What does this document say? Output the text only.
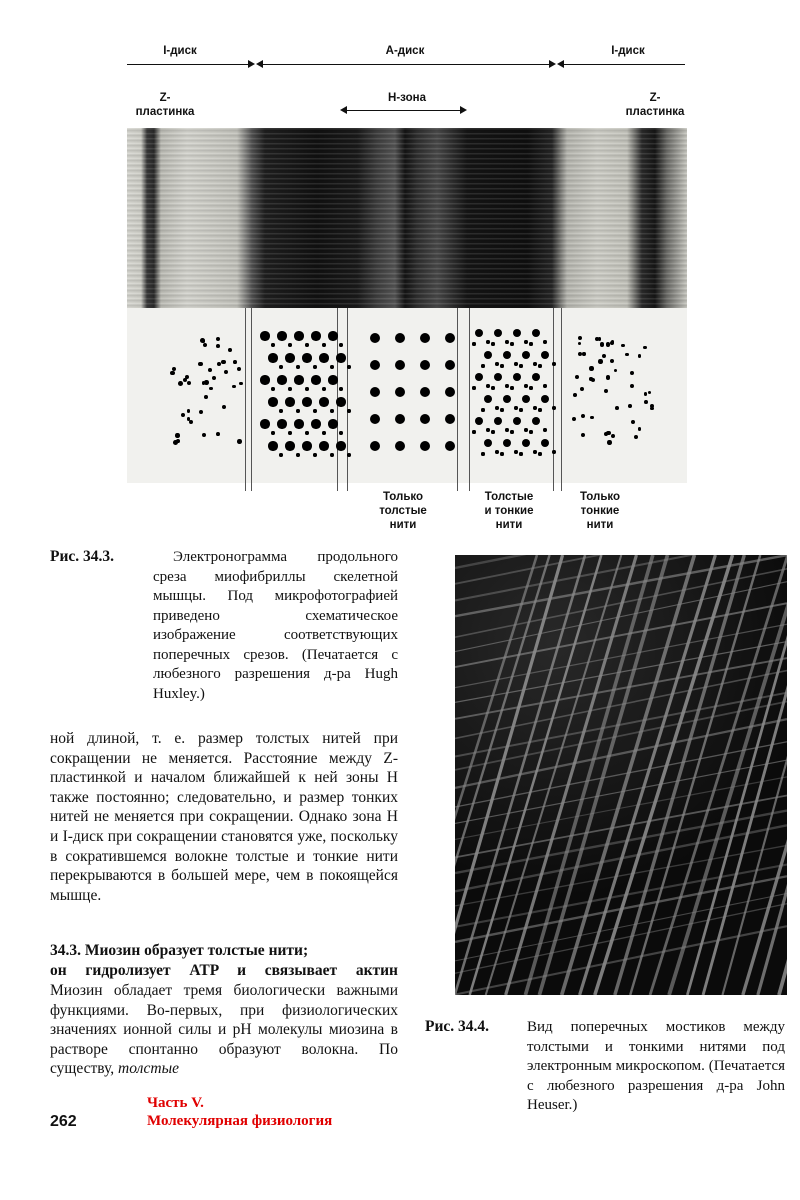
I-диск	A-диск	I-диск
Z-
пластинка
H-зона	Z-
пластинка
Только
толстые
нити
Толстые
и тонкие
нити
Только
тонкие
нити
Рис. 34.3.	Электронограмма продольного среза миофибриллы скелетной мышцы. Под микрофотографией приведено схематическое изображение соответствующих поперечных срезов. (Печатается с любезного разрешения д-ра Hugh Huxley.)
ной длиной, т. е. размер толстых нитей при сокращении не меняется. Расстояние между Z-пластинкой и началом ближайшей к ней зоны H также постоянно; следовательно, и размер тонких нитей не меняется при сокращении. Однако зона H и I-диск при сокращении становятся уже, поскольку в сократившемся волокне толстые и тонкие нити перекрываются в большей мере, чем в покоящейся мышце.
34.3. Миозин образует толстые нити;
он гидролизует ATP и связывает актин
Миозин обладает тремя биологически важными функциями. Во-первых, при физиологических значениях ионной силы и pH молекулы миозина в растворе спонтанно образуют волокна. По существу, толстые
Рис. 34.4.	Вид поперечных мостиков между толстыми и тонкими нитями под электронным микроскопом. (Печатается с любезного разрешения д-ра John Heuser.)
262
Часть V.
Молекулярная физиология
